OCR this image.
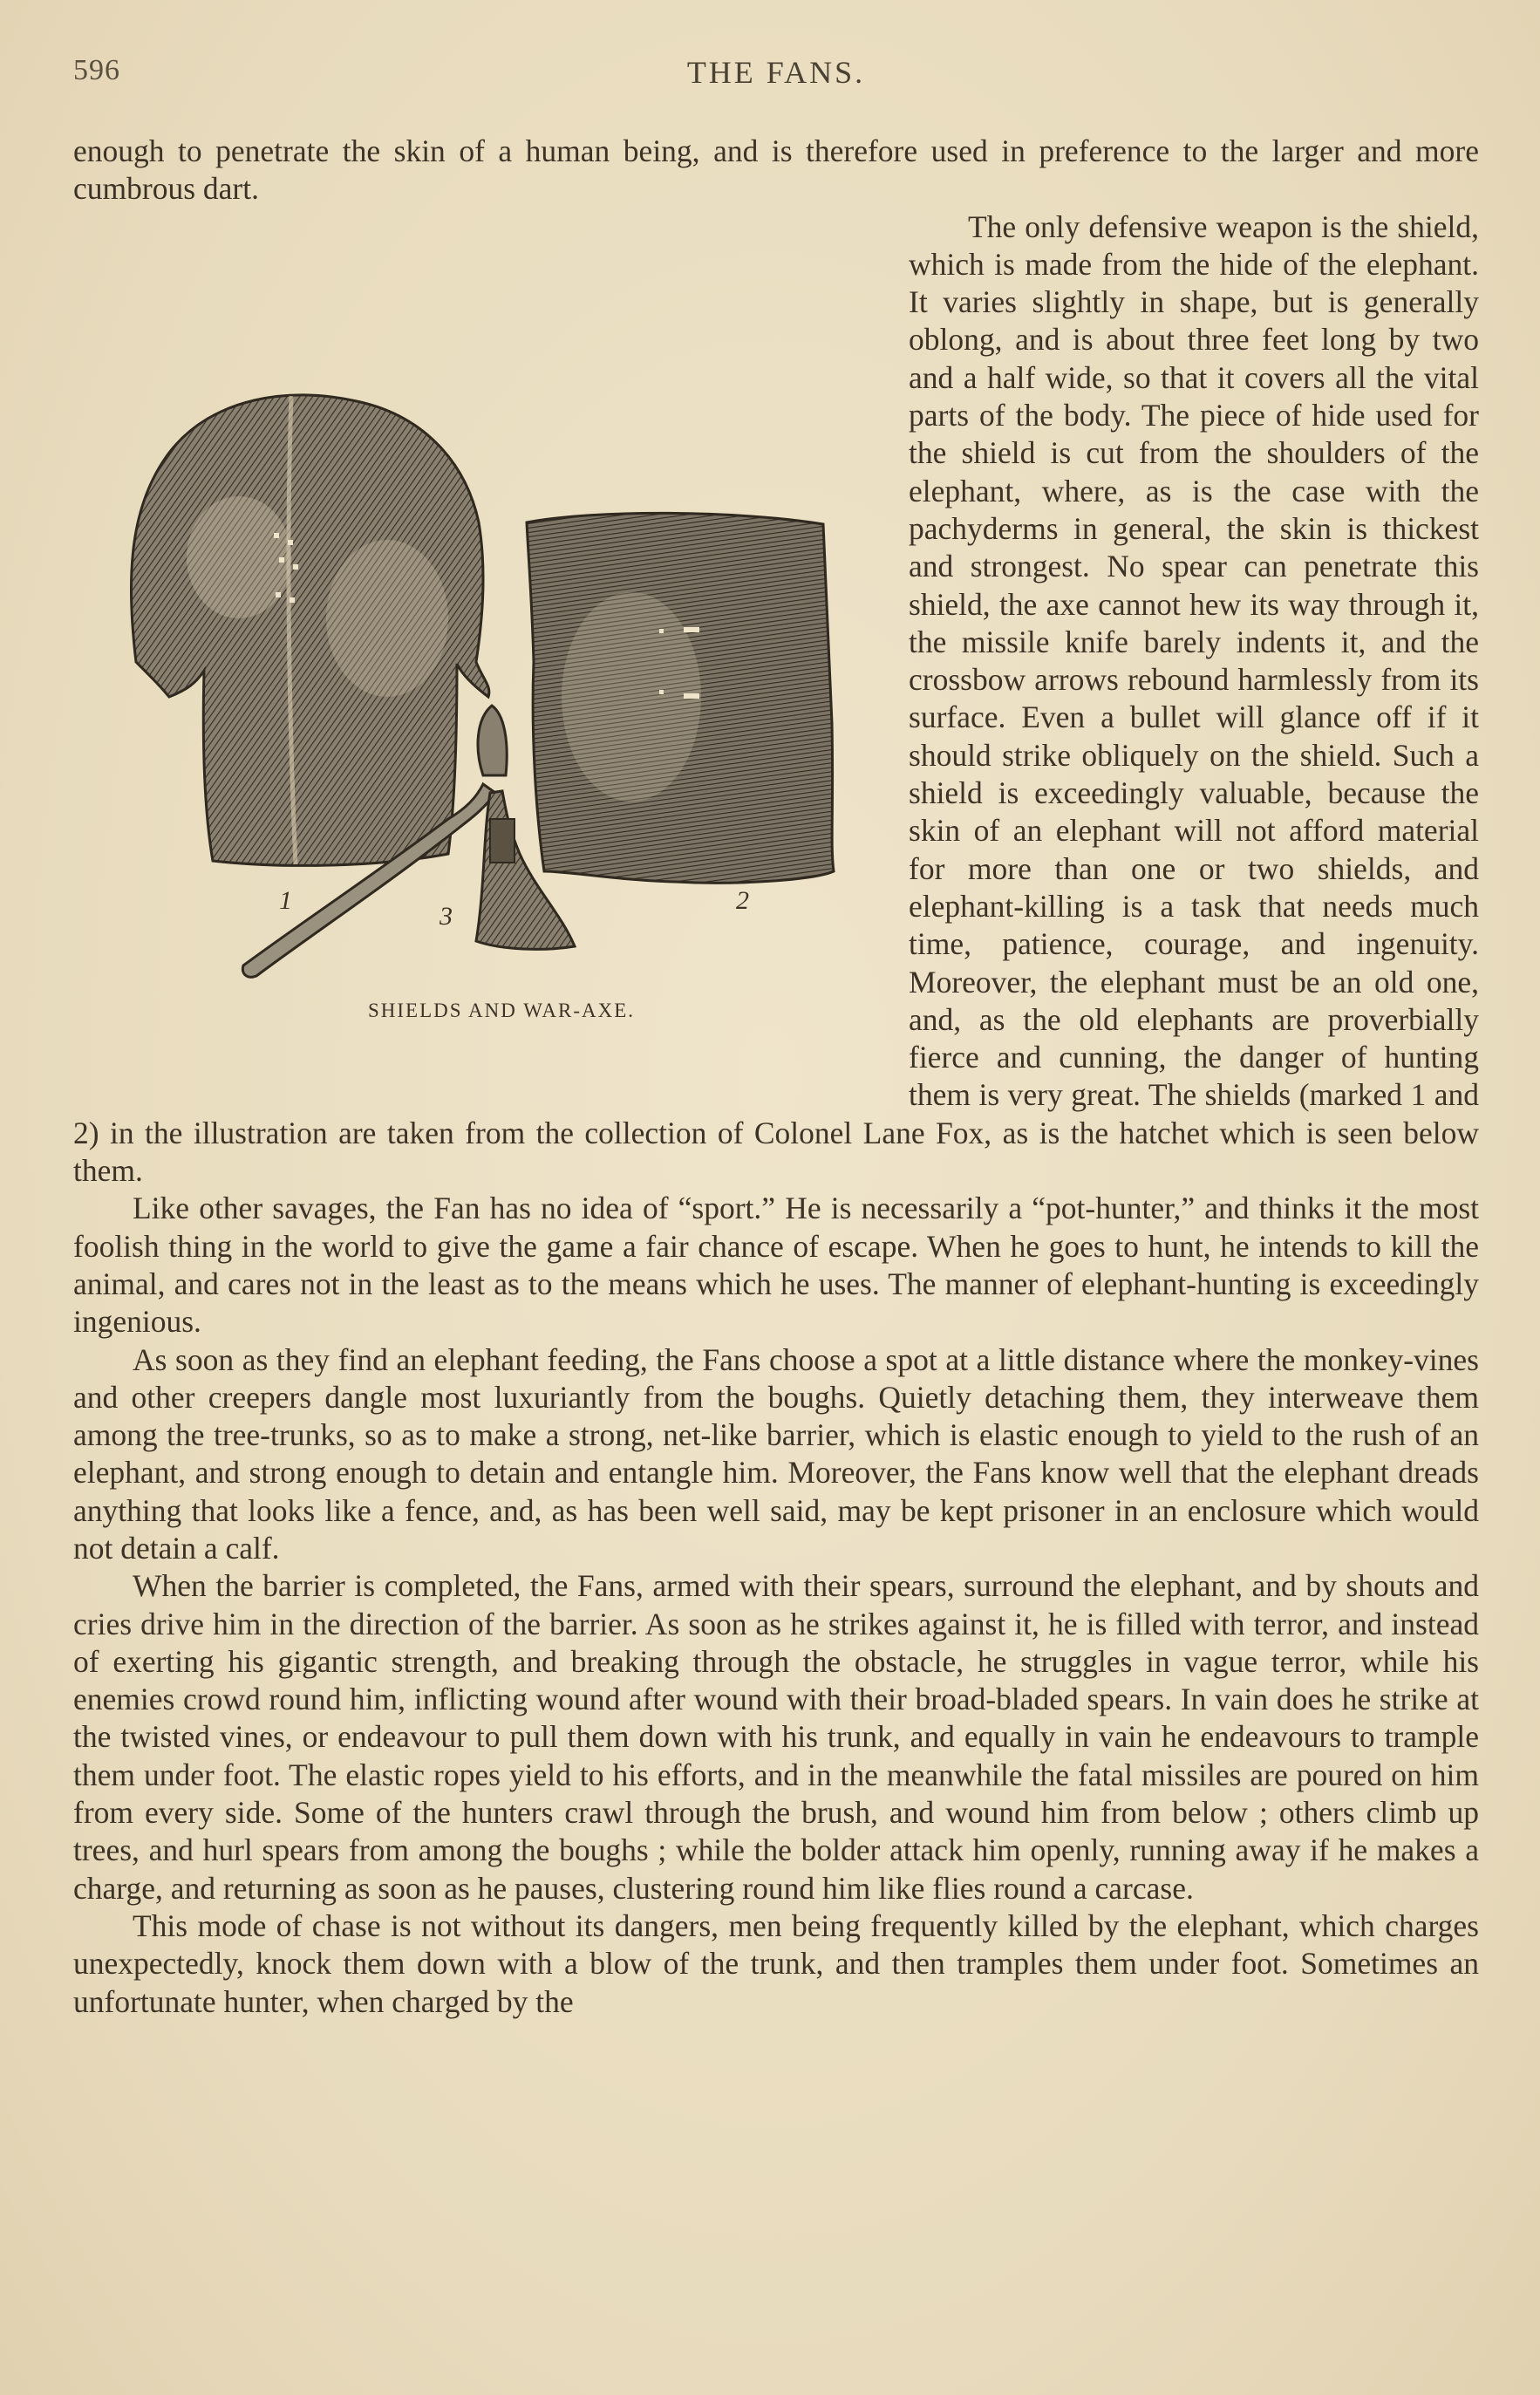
596	THE FANS.

enough to penetrate the skin of a human being, and is therefore used in preference to the larger and more cumbrous dart.

1	2
3
SHIELDS AND WAR-AXE.
The only defensive weapon is the shield, which is made from the hide of the elephant. It varies slightly in shape, but is generally oblong, and is about three feet long by two and a half wide, so that it covers all the vital parts of the body. The piece of hide used for the shield is cut from the shoulders of the elephant, where, as is the case with the pachyderms in general, the skin is thickest and strongest. No spear can penetrate this shield, the axe cannot hew its way through it, the missile knife barely indents it, and the crossbow arrows rebound harmlessly from its surface. Even a bullet will glance off if it should strike obliquely on the shield. Such a shield is exceedingly valuable, because the skin of an elephant will not afford material for more than one or two shields, and elephant-killing is a task that needs much time, patience, courage, and ingenuity. Moreover, the elephant must be an old one, and, as the old elephants are proverbially fierce and cunning, the danger of hunting them is very great. The shields (marked 1 and 2) in the illustration are taken from the collection of Colonel Lane Fox, as is the hatchet which is seen below them.

Like other savages, the Fan has no idea of “sport.” He is necessarily a “pot-hunter,” and thinks it the most foolish thing in the world to give the game a fair chance of escape. When he goes to hunt, he intends to kill the animal, and cares not in the least as to the means which he uses. The manner of elephant-hunting is exceedingly ingenious.

As soon as they find an elephant feeding, the Fans choose a spot at a little distance where the monkey-vines and other creepers dangle most luxuriantly from the boughs. Quietly detaching them, they interweave them among the tree-trunks, so as to make a strong, net-like barrier, which is elastic enough to yield to the rush of an elephant, and strong enough to detain and entangle him. Moreover, the Fans know well that the elephant dreads anything that looks like a fence, and, as has been well said, may be kept prisoner in an enclosure which would not detain a calf.

When the barrier is completed, the Fans, armed with their spears, surround the elephant, and by shouts and cries drive him in the direction of the barrier. As soon as he strikes against it, he is filled with terror, and instead of exerting his gigantic strength, and breaking through the obstacle, he struggles in vague terror, while his enemies crowd round him, inflicting wound after wound with their broad-bladed spears. In vain does he strike at the twisted vines, or endeavour to pull them down with his trunk, and equally in vain he endeavours to trample them under foot. The elastic ropes yield to his efforts, and in the meanwhile the fatal missiles are poured on him from every side. Some of the hunters crawl through the brush, and wound him from below ; others climb up trees, and hurl spears from among the boughs ; while the bolder attack him openly, running away if he makes a charge, and returning as soon as he pauses, clustering round him like flies round a carcase.

This mode of chase is not without its dangers, men being frequently killed by the elephant, which charges unexpectedly, knock them down with a blow of the trunk, and then tramples them under foot. Sometimes an unfortunate hunter, when charged by the
